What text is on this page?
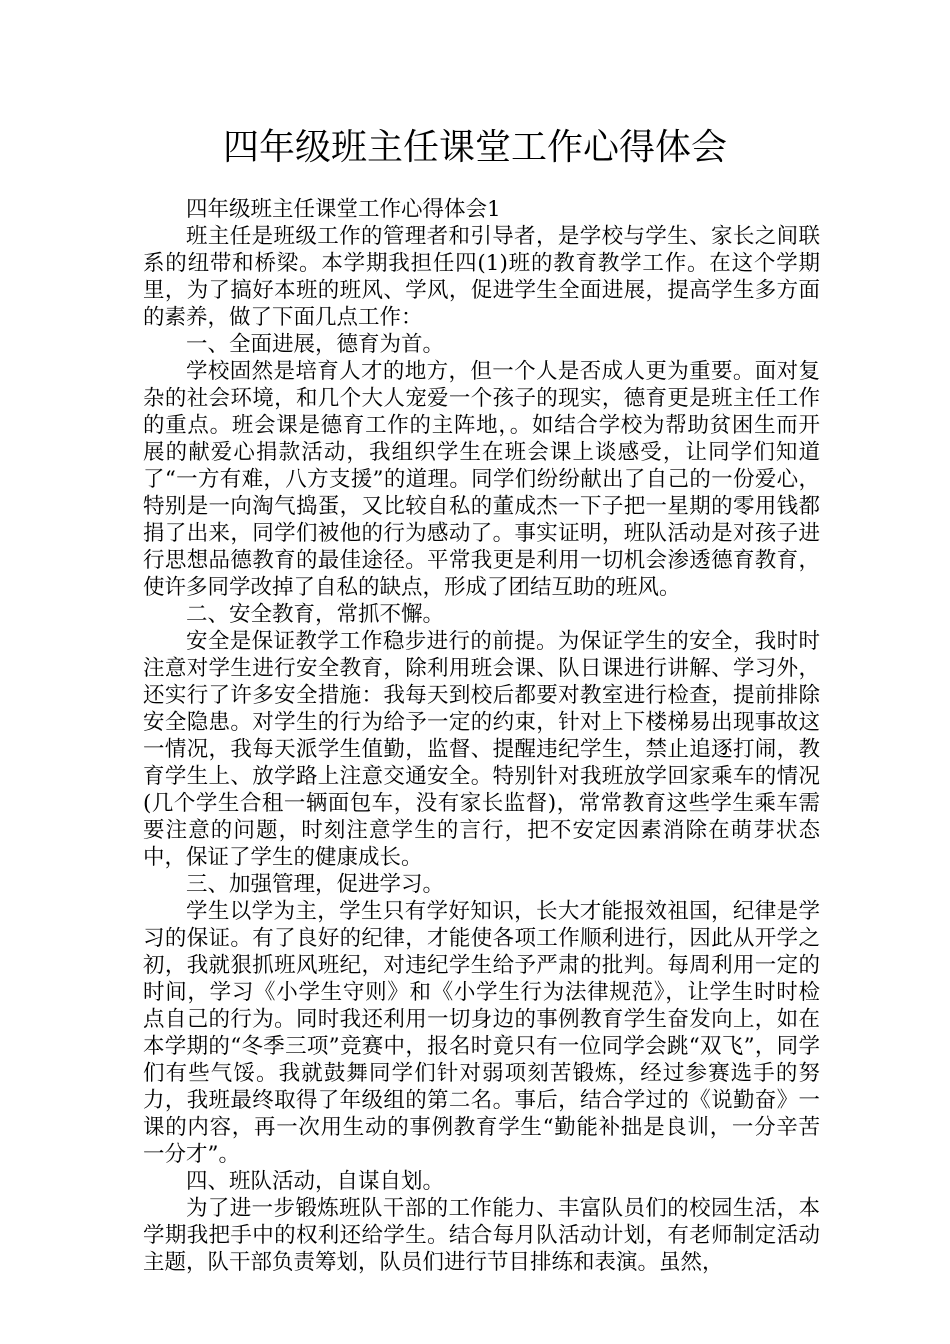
四年级班主任课堂工作心得体会

四年级班主任课堂工作心得体会1

班主任是班级工作的管理者和引导者，是学校与学生、家长之间联系的纽带和桥梁。本学期我担任四(1)班的教育教学工作。在这个学期里，为了搞好本班的班风、学风，促进学生全面进展，提高学生多方面的素养，做了下面几点工作：

一、全面进展，德育为首。

学校固然是培育人才的地方，但一个人是否成人更为重要。面对复杂的社会环境，和几个大人宠爱一个孩子的现实，德育更是班主任工作的重点。班会课是德育工作的主阵地，。如结合学校为帮助贫困生而开展的献爱心捐款活动，我组织学生在班会课上谈感受，让同学们知道了“一方有难，八方支援”的道理。同学们纷纷献出了自己的一份爱心，特别是一向淘气捣蛋，又比较自私的董成杰一下子把一星期的零用钱都捐了出来，同学们被他的行为感动了。事实证明，班队活动是对孩子进行思想品德教育的最佳途径。平常我更是利用一切机会渗透德育教育，使许多同学改掉了自私的缺点，形成了团结互助的班风。

二、安全教育，常抓不懈。

安全是保证教学工作稳步进行的前提。为保证学生的安全，我时时注意对学生进行安全教育，除利用班会课、队日课进行讲解、学习外，还实行了许多安全措施：我每天到校后都要对教室进行检查，提前排除安全隐患。对学生的行为给予一定的约束，针对上下楼梯易出现事故这一情况，我每天派学生值勤，监督、提醒违纪学生，禁止追逐打闹，教育学生上、放学路上注意交通安全。特别针对我班放学回家乘车的情况(几个学生合租一辆面包车，没有家长监督)，常常教育这些学生乘车需要注意的问题，时刻注意学生的言行，把不安定因素消除在萌芽状态中，保证了学生的健康成长。

三、加强管理，促进学习。

学生以学为主，学生只有学好知识，长大才能报效祖国，纪律是学习的保证。有了良好的纪律，才能使各项工作顺利进行，因此从开学之初，我就狠抓班风班纪，对违纪学生给予严肃的批判。每周利用一定的时间，学习《小学生守则》和《小学生行为法律规范》，让学生时时检点自己的行为。同时我还利用一切身边的事例教育学生奋发向上，如在本学期的“冬季三项”竞赛中，报名时竟只有一位同学会跳“双飞”，同学们有些气馁。我就鼓舞同学们针对弱项刻苦锻炼，经过参赛选手的努力，我班最终取得了年级组的第二名。事后，结合学过的《说勤奋》一课的内容，再一次用生动的事例教育学生“勤能补拙是良训，一分辛苦一分才”。

四、班队活动，自谋自划。

为了进一步锻炼班队干部的工作能力、丰富队员们的校园生活，本学期我把手中的权利还给学生。结合每月队活动计划，有老师制定活动主题，队干部负责筹划，队员们进行节目排练和表演。虽然，
